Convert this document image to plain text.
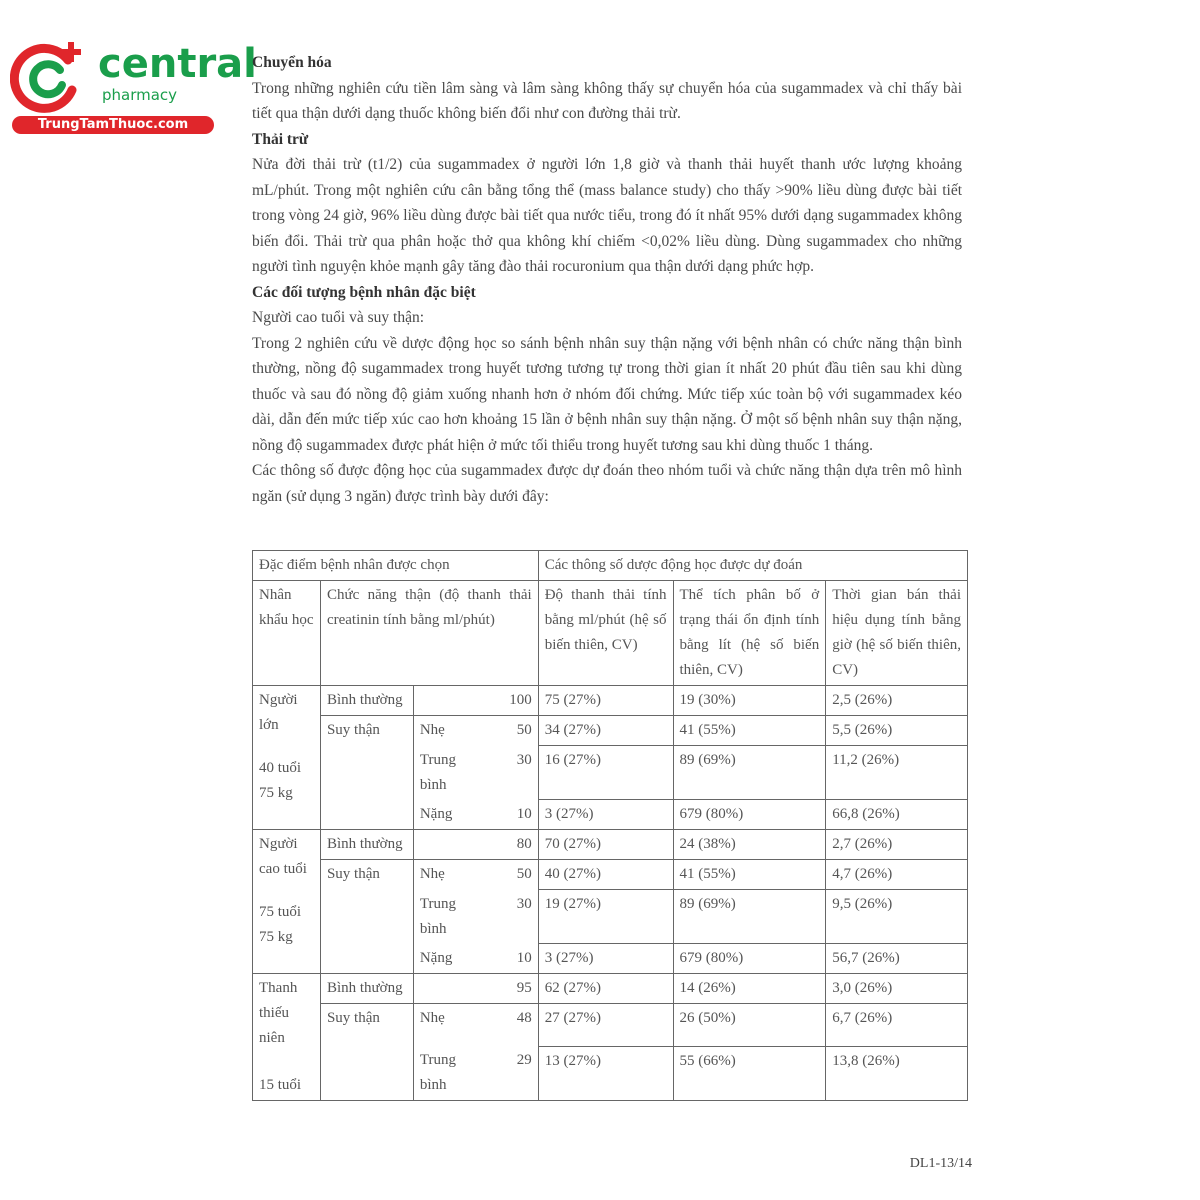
central
pharmacy
TrungTamThuoc.com

Chuyển hóa

Trong những nghiên cứu tiền lâm sàng và lâm sàng không thấy sự chuyển hóa của sugammadex và chỉ thấy bài tiết qua thận dưới dạng thuốc không biến đổi như con đường thải trừ.

Thải trừ

Nửa đời thải trừ (t1/2) của sugammadex ở người lớn 1,8 giờ và thanh thải huyết thanh ước lượng khoảng mL/phút. Trong một nghiên cứu cân bằng tổng thể (mass balance study) cho thấy >90% liều dùng được bài tiết trong vòng 24 giờ, 96% liều dùng được bài tiết qua nước tiểu, trong đó ít nhất 95% dưới dạng sugammadex không biến đổi. Thải trừ qua phân hoặc thở qua không khí chiếm <0,02% liều dùng. Dùng sugammadex cho những người tình nguyện khỏe mạnh gây tăng đào thải rocuronium qua thận dưới dạng phức hợp.

Các đối tượng bệnh nhân đặc biệt

Người cao tuổi và suy thận:

Trong 2 nghiên cứu về dược động học so sánh bệnh nhân suy thận nặng với bệnh nhân có chức năng thận bình thường, nồng độ sugammadex trong huyết tương tương tự trong thời gian ít nhất 20 phút đầu tiên sau khi dùng thuốc và sau đó nồng độ giảm xuống nhanh hơn ở nhóm đối chứng. Mức tiếp xúc toàn bộ với sugammadex kéo dài, dẫn đến mức tiếp xúc cao hơn khoảng 15 lần ở bệnh nhân suy thận nặng. Ở một số bệnh nhân suy thận nặng, nồng độ sugammadex được phát hiện ở mức tối thiểu trong huyết tương sau khi dùng thuốc 1 tháng.

Các thông số được động học của sugammadex được dự đoán theo nhóm tuổi và chức năng thận dựa trên mô hình ngăn (sử dụng 3 ngăn) được trình bày dưới đây:

Đặc điểm bệnh nhân được chọn				Các thông số dược động học được dự đoán		
Nhân khẩu học	Chức năng thận (độ thanh thải creatinin tính bằng ml/phút)			Độ thanh thải tính bằng ml/phút (hệ số biến thiên, CV)	Thể tích phân bố ở trạng thái ổn định tính bằng lít (hệ số biến thiên, CV)	Thời gian bán thải hiệu dụng tính bằng giờ (hệ số biến thiên, CV)

Người lớn
40 tuổi
75 kg	Bình thường		100	75 (27%)	19 (30%)	2,5 (26%)
	Suy thận	Nhẹ	50	34 (27%)	41 (55%)	5,5 (26%)
		Trung bình	30	16 (27%)	89 (69%)	11,2 (26%)
		Nặng	10	3 (27%)	679 (80%)	66,8 (26%)

Người cao tuổi
75 tuổi
75 kg	Bình thường		80	70 (27%)	24 (38%)	2,7 (26%)
	Suy thận	Nhẹ	50	40 (27%)	41 (55%)	4,7 (26%)
		Trung bình	30	19 (27%)	89 (69%)	9,5 (26%)
		Nặng	10	3 (27%)	679 (80%)	56,7 (26%)

Thanh thiếu niên
15 tuổi	Bình thường		95	62 (27%)	14 (26%)	3,0 (26%)
	Suy thận	Nhẹ	48	27 (27%)	26 (50%)	6,7 (26%)
		Trung bình	29	13 (27%)	55 (66%)	13,8 (26%)
DL1-13/14
